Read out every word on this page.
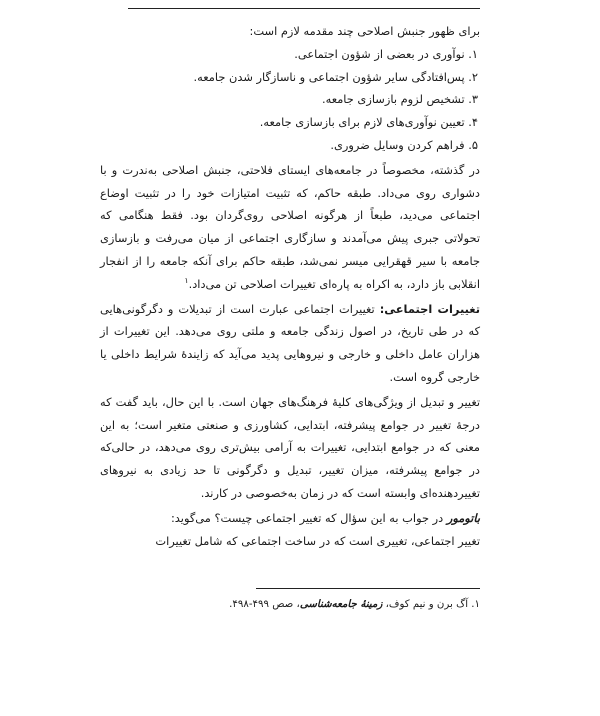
برای ظهور جنبش اصلاحی چند مقدمه لازم است:

۱. نوآوری در بعضی از شؤون اجتماعی.

۲. پس‌افتادگی سایر شؤون اجتماعی و ناسازگار شدن جامعه.

۳. تشخیص لزوم بازسازی جامعه.

۴. تعیین نوآوری‌های لازم برای بازسازی جامعه.

۵. فراهم کردن وسایل ضروری.

در گذشته، مخصوصاً در جامعه‌های ایستای فلاحتی، جنبش اصلاحی به‌ندرت و با دشواری روی می‌داد. طبقه حاکم، که تثبیت امتیازات خود را در تثبیت اوضاع اجتماعی می‌دید، طبعاً از هرگونه اصلاحی روی‌گردان بود. فقط هنگامی که تحولاتی جبری پیش می‌آمدند و سازگاری اجتماعی از میان می‌رفت و بازسازی جامعه با سیر قهقرایی میسر نمی‌شد، طبقه حاکم برای آنکه جامعه را از انفجار انقلابی باز دارد، به اکراه به پاره‌ای تغییرات اصلاحی تن می‌داد.$^۱$

تغییرات اجتماعی: تغییرات اجتماعی عبارت است از تبدیلات و دگرگونی‌هایی که در طی تاریخ، در اصول زندگی جامعه و ملتی روی می‌دهد. این تغییرات از هزاران عامل داخلی و خارجی و نیروهایی پدید می‌آید که زایندهٔ شرایط داخلی یا خارجی گروه است.

تغییر و تبدیل از ویژگی‌های کلیهٔ فرهنگ‌های جهان است. با این حال، باید گفت که درجهٔ تغییر در جوامع پیشرفته، ابتدایی، کشاورزی و صنعتی متغیر است؛ به این معنی که در جوامع ابتدایی، تغییرات به آرامی بیش‌تری روی می‌دهد، در حالی‌که در جوامع پیشرفته، میزان تغییر، تبدیل و دگرگونی تا حد زیادی به نیروهای تغییردهنده‌ای وابسته است که در زمان به‌خصوصی در کارند.

باتومور در جواب به این سؤال که تغییر اجتماعی چیست؟ می‌گوید:

تغییر اجتماعی، تغییری است که در ساخت اجتماعی که شامل تغییرات

۱. آگ برن و نیم کوف، زمینهٔ جامعه‌شناسی، صص ۴۹۹-۴۹۸.
